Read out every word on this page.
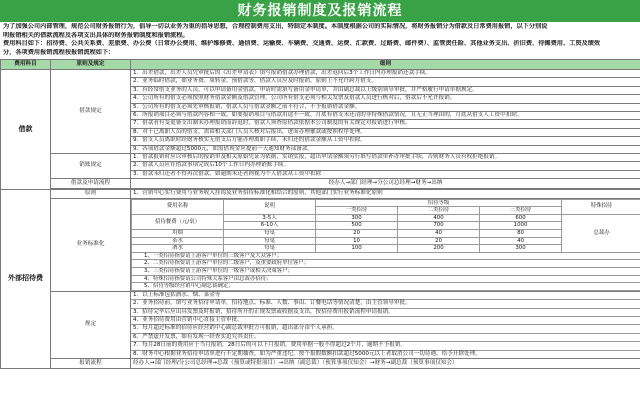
财务报销制度及报销流程
为了加强公司内部管理，规范公司财务报销行为，倡导一切以业务为重的指导思想，合理控制费用支出，特制定本制度。本制度根据公司的实际情况，将财务报销分为借款及日常费用报销，以下分别说
明报销相关的借款流程及各项支出具体的财务报销制度和报销流程。
费用科目如下：招待费、公共关系费、差旅费、办公费（日常办公费用、维护维修费、通信费、运输费、车辆费、交通费、运费、汇款费、过路费、邮件费）、监管责任险、其他业务支出、折旧费、待摊费用、工资及绩效
分，各项费用报销流程按报销流程如下：
费用科目	原则及规定	细则
借款	借款规定	1．出差借款，出差人员凭审批后的《出差申请表》填写报销借款办理借款，出差返回后3个工作日内办理报销还款手续。
2．业务临时借款，如业务费、周转金、预借款等，借款人员应及时报销，原则上不允许跨月借支。
3．有经常借支业务的人员，可以申请备用金借款，申请时需填写备用金申请单，并由副总裁以上级别领导审批，并严格履行申请单据规定。
4．公司所有的借支必须按照财务借款金额及借款管理。公司所有借支必须与相关发票及借款人员进行核对后，借款后不允许报销。
5．公司所有的借支必须先审核报销，借款人员与借款金额之前不符合，不予报销借款金额。
6．所报销项目必须与借款内容相一致，如要报销项目与借款用途不一致，月底有借支未还清的非特殊借款情况，且无正当理由的，月底从借支人工资中扣除。
7．借款者有变更备支出制未办理报销而辞退时，借款人须查原借款依据本公司制度的有关规定对报销进行审核。
8．对于已离职人员的借支，需由相关部门人员人核对后报出，进而办理催款或按照程序处理。
9．借支人员离职时经财务核实无借支后方能办理离职手续，未归还的借款金额从工资中扣除。
9．各项借款金额超过5000元，如需借现金应提前一天通知财务部备款。
销账规定	1．借款报销时应以审核后的报销单及相关原始凭证为依据，实销实报，超出申请金额须另行填写借款单补办审批手续，否则财务人员有权拒绝报销。
2．借款人员应在借款事项完成后10个工作日内办理销账手续。
3．借款未归还者不得再次借款，如逾期未还者则视为个人借款从工资中扣除
借款及申请流程	经办人→部门经理→分公司总经理→财务→出纳

外部招待费	原则	1、营销中心实行费用与业务收入挂钩及业务招待标准化相结合的原则，其他部门实行业务标准化原则
业务标准化	
费用名称	说明	招待等级	特殊招待
一类招待	二类招待	三类招待
招待餐费（元/桌）	3-5人	300	400	600	总裁办
6-10人	500	700	1000
用烟	每桌	20	40	80
茶水	每桌	10	20	40
酒水	每桌	100	200	300
1、一类招待指要请上游客户单位的三级客户及大众客户；
2、二类招待指要请上游客户单位的二级客户，及重要政府单位客户；
3、三类招待指要请上游客户单位的一级客户或相关决策客户；
4、特殊招待指要请公司特殊关系客户由总裁办招待；
5、招待等级经营销中心副总裁确定；

规定	
1．以上标准包括酒水、烟、菜金等
2．业务招待前，填写业务招待申请单，招待地点、标准、人数、事由、订餐电话等情况清楚，由主管领导审批。
3．招待完毕后应出具发票及时报销，招待所开的正规发票或收据及支出，按招待费用报销流程申请报销。
4．业务招待费用由营销中心直接主管审批。
5．每月超过标准的招待应经营销中心副总裁审批方可报销，超出部分由个人承担。
6．严禁虚开发票，如有发现一经查实追究其责任。
7．每月28日前的费用应于当月报销，28日后的可以下月报销，费用单据一般不得超过2个月，逾期不予报销。
8．财务中心根据业务招待申请单进行不定期抽查，如为严重违纪，按个报假数额扣款超过5000元以上者取消公司一切待遇，给予开除处理。

报销流程	经办人→部门经理/分公司总经理→总裁（预算或特批项目）→出纳（副总裁）（预算事项仅知会）→财务→副总裁（预算事项仅知会）
